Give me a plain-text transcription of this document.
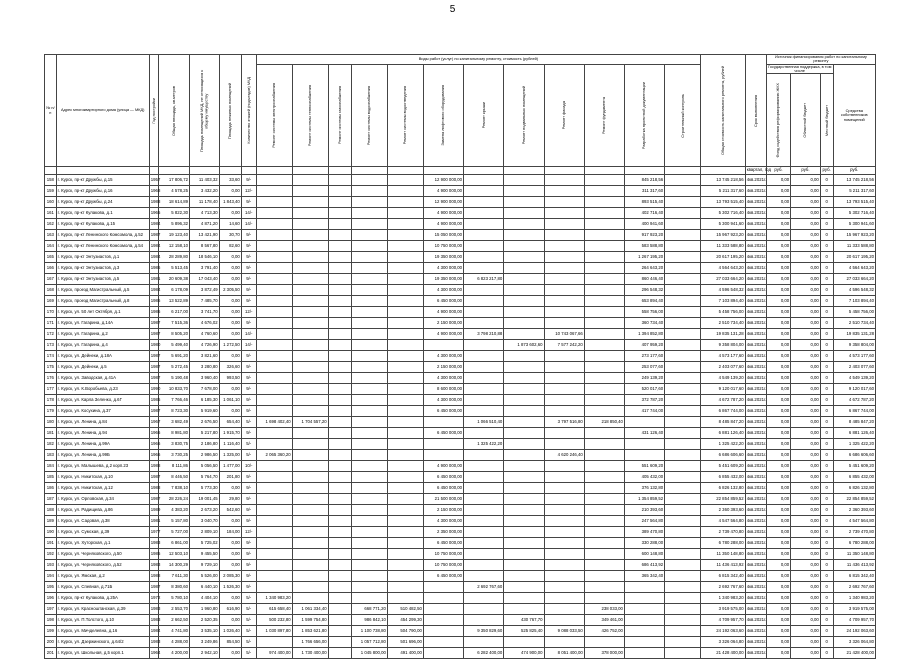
5
№ п/п	Адрес многоквартирного дома (улица — МКД)	Год постройки	Общая площадь, кв.метров	Площадь помещений МКД, не относящихся к общему имуществу	Площадь нежилых помещений	Количество этажей (подъездов) МКД	Виды работ (услуг) по капитальному ремонту, стоимость (рублей)												Общая стоимость капитального ремонта, рублей	Срок выполнения	Источник финансирования работ по капитальному ремонту			

							Ремонт системы электроснабжения	Ремонт системы теплоснабжения	Ремонт системы газоснабжения	Ремонт системы водоснабжения	Ремонт системы водоотведения	Замена лифтового оборудования	Ремонт крыши	Ремонт подвальных помещений	Ремонт фасада	Ремонт фундамента	Разработка проектной документации	Строительный контроль			Государственная поддержка, в том числе			Средства собственников помещений

																					Фонд содействия реформированию ЖКХ	Областной бюджет	Местный бюджет	

																				квартал, год	руб.	руб.	руб.	руб.
158	г. Курск, пр-кт Дружбы, д.15	1957	17 806,72	11 403,32	33,60	9/-						12 900 000,00					845 218,56		13 745 218,56	4кв.2021г.	0,00	0,00	0	13 745 218,56
159	г. Курск, пр-кт Дружбы, д.16	1968	4 578,25	3 432,20	0,00	12/-						4 900 000,00					311 317,60		5 211 317,60	4кв.2021г.	0,00	0,00	0	5 211 317,60
160	г. Курск, пр-кт Дружбы, д.24	1988	18 614,89	11 178,40	1 843,40	9/-						12 900 000,00					893 515,40		13 793 515,40	4кв.2021г.	0,00	0,00	0	13 793 515,40
161	г. Курск, пр-кт Кулакова, д.1	1965	5 822,30	4 713,30	0,00	14/-						4 900 000,00					402 716,40		5 302 716,40	4кв.2021г.	0,00	0,00	0	5 302 716,40
162	г. Курск, пр-кт Кулакова, д.15	1984	5 896,32	4 871,20	14,60	14/-						4 900 000,00					400 941,60		5 300 941,60	4кв.2021г.	0,00	0,00	0	5 300 941,60
163	г. Курск, пр-кт Ленинского Комсомола, д.52	1987	19 123,40	13 421,90	30,70	9/-						15 050 000,00					917 923,20		15 967 923,20	4кв.2021г.	0,00	0,00	0	15 967 923,20
164	г. Курск, пр-кт Ленинского Комсомола, д.54	1984	12 158,10	8 567,80	82,60	9/-						10 750 000,00					583 588,80		11 333 588,80	4кв.2021г.	0,00	0,00	0	11 333 588,80
165	г. Курск, пр-кт Энтузиастов, д.1	1984	28 289,80	18 546,10	0,00	9/-						19 350 000,00					1 267 195,20		20 617 195,20	4кв.2021г.	0,00	0,00	0	20 617 195,20
166	г. Курск, пр-кт Энтузиастов, д.3	1986	5 513,45	3 791,40	0,00	9/-						4 300 000,00					264 643,20		4 564 643,20	4кв.2021г.	0,00	0,00	0	4 564 643,20
167	г. Курск, пр-кт Энтузиастов, д.5	1981	20 609,38	17 043,40	0,00	9/-						19 350 000,00	6 823 217,80				860 446,40		27 033 664,20	4кв.2021г.	0,00	0,00	0	27 033 664,20
168	г. Курск, проезд Магистральный, д.5	1984	6 178,09	3 872,49	2 305,50	9/-						4 300 000,00					296 548,32		4 596 548,32	4кв.2021г.	0,00	0,00	0	4 596 548,32
169	г. Курск, проезд Магистральный, д.8	1986	13 522,89	7 485,70	0,00	9/-						6 450 000,00					653 894,40		7 103 894,40	4кв.2021г.	0,00	0,00	0	7 103 894,40
170	г. Курск, ул. 50 лет Октября, д.1	1986	6 217,00	3 741,70	0,00	12/-						4 900 000,00					558 756,00		5 458 756,00	4кв.2021г.	0,00	0,00	0	5 458 756,00
171	г. Курск, ул. Гагарина, д.14А	1987	7 515,36	4 676,02	0,00	9/-						2 150 000,00					360 734,40		2 510 734,40	4кв.2021г.	0,00	0,00	0	2 510 734,40
172	г. Курск, ул. Гагарина, д.2	1987	8 505,20	4 760,60	0,00	14/-						4 900 000,00	3 798 210,88		10 743 067,66		1 394 852,80		19 835 131,28	4кв.2021г.	0,00	0,00	0	19 835 131,28
173	г. Курск, ул. Гагарина, д.4	1980	5 499,40	4 726,90	1 272,50	14/-								1 873 602,60	7 577 242,20		407 959,20		9 358 804,00	4кв.2021г.	0,00	0,00	0	9 358 804,00
174	г. Курск, ул. Дейнеки, д.18А	1987	5 691,20	3 821,60	0,00	9/-						4 300 000,00					273 177,60		4 573 177,60	4кв.2021г.	0,00	0,00	0	4 573 177,60
175	г. Курск, ул. Дейнеки, д.5	1987	5 272,45	3 280,80	326,60	9/-						2 150 000,00					253 077,60		2 403 077,60	4кв.2021г.	0,00	0,00	0	2 403 077,60
176	г. Курск, ул. Заводская, д.41А	1987	5 190,48	3 960,40	993,50	9/-						4 300 000,00					249 139,20		4 549 139,20	4кв.2021г.	0,00	0,00	0	4 549 139,20
177	г. Курск, ул. К.Воробьева, д.23	1990	10 833,70	7 678,00	0,00	9/-						8 600 000,00					520 017,60		9 120 017,60	4кв.2021г.	0,00	0,00	0	9 120 017,60
178	г. Курск, ул. Карла Зеленко, д.6Г	1985	7 766,46	6 185,30	1 061,10	9/-						4 300 000,00					372 787,20		4 672 787,20	4кв.2021г.	0,00	0,00	0	4 672 787,20
179	г. Курск, ул. Косухина, д.37	1987	8 723,30	5 919,60	0,00	9/-						6 450 000,00					417 744,00		6 867 744,00	4кв.2021г.	0,00	0,00	0	6 867 744,00
180	г. Курск, ул. Ленина, д.84	1967	3 682,49	2 676,50	654,40	5/-	1 698 402,40	1 704 557,20					1 066 510,40		3 797 516,80	218 850,40			8 485 847,20	4кв.2021г.	0,00	0,00	0	8 485 847,20
181	г. Курск, ул. Ленина, д.94	1966	8 981,80	5 217,80	1 915,70	9/-						6 450 000,00					431 126,40		6 881 126,40	4кв.2021г.	0,00	0,00	0	6 881 126,40
182	г. Курск, ул. Ленина, д.99А	1966	3 830,75	2 186,80	1 116,40	5/-							1 325 422,20						1 325 422,20	4кв.2021г.	0,00	0,00	0	1 325 422,20
183	г. Курск, ул. Ленина, д.99Б	1966	3 730,25	2 986,50	1 325,00	5/-	2 065 360,20								4 620 246,40				6 686 606,60	4кв.2021г.	0,00	0,00	0	6 686 606,60
184	г. Курск, ул. Малышева, д.2 корп.23	1988	8 111,86	5 056,50	1 477,00	10/-						4 900 000,00					551 609,20		5 451 609,20	4кв.2021г.	0,00	0,00	0	5 451 609,20
185	г. Курск, ул. Никитская, д.10	1987	8 446,50	5 764,70	201,80	9/-						6 450 000,00					405 432,00		6 855 432,00	4кв.2021г.	0,00	0,00	0	6 855 432,00
186	г. Курск, ул. Никитская, д.12	1988	7 838,10	5 773,30	0,00	9/-						6 450 000,00					376 132,80		6 826 132,80	4кв.2021г.	0,00	0,00	0	6 826 132,80
187	г. Курск, ул. Орловская, д.34	1987	28 226,24	19 001,45	29,80	9/-						21 500 000,00					1 354 859,52		22 854 859,52	4кв.2021г.	0,00	0,00	0	22 854 859,52
188	г. Курск, ул. Радищева, д.86	1989	4 383,20	2 673,20	542,60	9/-						2 150 000,00					210 393,60		2 360 393,60	4кв.2021г.	0,00	0,00	0	2 360 393,60
189	г. Курск, ул. Садовая, д.38	1981	5 157,80	3 040,70	0,00	9/-						4 300 000,00					247 564,80		4 547 564,80	4кв.2021г.	0,00	0,00	0	4 547 564,80
190	г. Курск, ул. Сумская, д.39	1977	5 727,00	2 809,10	184,00	12/-						2 350 000,00					389 470,80		2 739 470,80	4кв.2021г.	0,00	0,00	0	2 739 470,80
191	г. Курск, ул. Хуторская, д.1	1983	6 861,00	5 725,02	0,00	9/-						6 450 000,00					330 288,00		6 780 288,00	4кв.2021г.	0,00	0,00	0	6 780 288,00
192	г. Курск, ул. Черняховского, д.50	1985	12 503,10	9 455,50	0,00	9/-						10 750 000,00					600 148,80		11 350 148,80	4кв.2021г.	0,00	0,00	0	11 350 148,80
193	г. Курск, ул. Черняховского, д.52	1983	14 300,29	9 729,10	0,00	9/-						10 750 000,00					686 413,92		11 436 413,92	4кв.2021г.	0,00	0,00	0	11 436 413,92
194	г. Курск, ул. Ямская, д.2	1988	7 611,30	5 526,00	2 085,30	9/-						6 450 000,00					365 342,40		6 815 342,40	4кв.2021г.	0,00	0,00	0	6 815 342,40
195	г. Курск, ул. Спевная, д.71Б	1987	8 380,60	6 440,10	1 526,30	9/-							2 692 767,60						2 692 767,60	4кв.2021г.	0,00	0,00	0	2 692 767,60
196	г. Курск, пр-кт Кулакова, д.25А	1972	5 780,10	4 404,10	0,00	5/-	1 340 983,20												1 340 983,20	4кв.2021г.	0,00	0,00	0	1 340 983,20
197	г. Курск, ул. Красноштанская, д.39	1983	2 553,70	1 960,80	616,90	5/-	615 658,40	1 061 334,40		668 771,20	510 482,50					238 033,00			3 919 575,00	4кв.2021г.	0,00	0,00	0	3 919 575,00
198	г. Курск, ул. П.Толстого, д.10	1983	2 662,50	2 520,35	0,00	5/-	500 232,80	1 599 754,80		986 842,10	454 299,30			430 767,70		349 461,00			4 709 957,70	4кв.2021г.	0,00	0,00	0	4 709 957,70
199	г. Курск, ул. Мичделевна, д.16	1984	4 741,80	3 535,10	1 026,40	5/-	1 030 897,80	1 853 621,80		1 100 738,80	504 790,00		9 350 829,60	525 825,40	9 088 033,50	426 752,00			24 192 063,60	4кв.2021г.	0,00	0,00	0	24 192 063,60
200	г. Курск, ул. Дзержинского, д.64/2	1983	4 288,00	3 249,86	854,50	5/-		1 766 656,00		1 057 712,80	501 696,00								3 326 064,80	4кв.2021г.	0,00	0,00	0	3 326 064,80
201	г. Курск, ул. Школьная, д.5 корп.1	1964	4 200,00	2 942,10	0,00	5/-	974 400,00	1 730 400,00		1 045 800,00	491 400,00		6 282 400,00	474 900,00	8 051 400,00	378 000,00			21 428 400,00	4кв.2021г.	0,00	0,00	0	21 428 400,00
